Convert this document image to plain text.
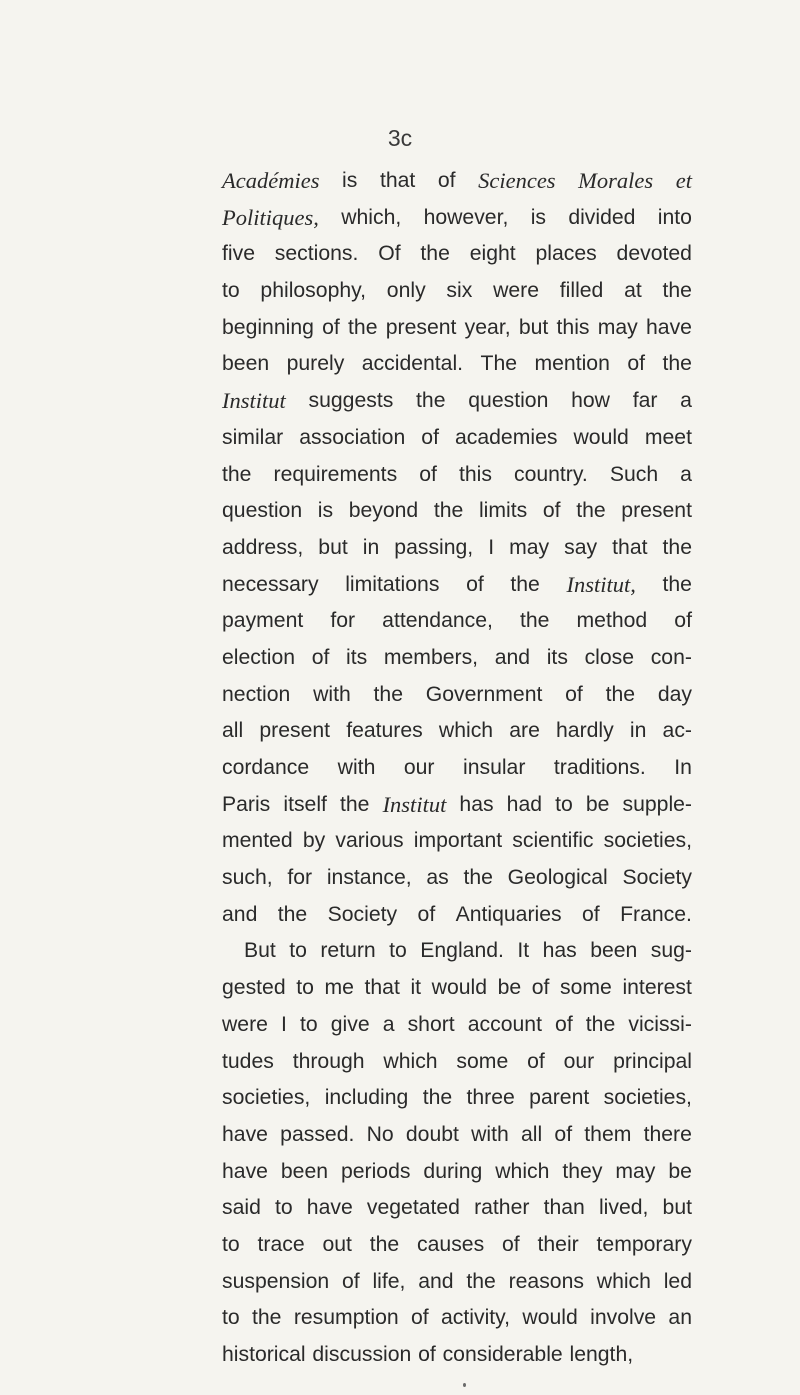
3c
Académies is that of Sciences Morales et
Politiques, which, however, is divided into
five sections. Of the eight places devoted
to philosophy, only six were filled at the
beginning of the present year, but this may have
been purely accidental. The mention of the
Institut suggests the question how far a
similar association of academies would meet
the requirements of this country. Such a
question is beyond the limits of the present
address, but in passing, I may say that the
necessary limitations of the Institut, the
payment for attendance, the method of
election of its members, and its close con-
nection with the Government of the day
all present features which are hardly in ac-
cordance with our insular traditions. In
Paris itself the Institut has had to be supple-
mented by various important scientific societies,
such, for instance, as the Geological Society
and the Society of Antiquaries of France.
But to return to England. It has been sug-
gested to me that it would be of some interest
were I to give a short account of the vicissi-
tudes through which some of our principal
societies, including the three parent societies,
have passed. No doubt with all of them there
have been periods during which they may be
said to have vegetated rather than lived, but
to trace out the causes of their temporary
suspension of life, and the reasons which led
to the resumption of activity, would involve an
historical discussion of considerable length,
